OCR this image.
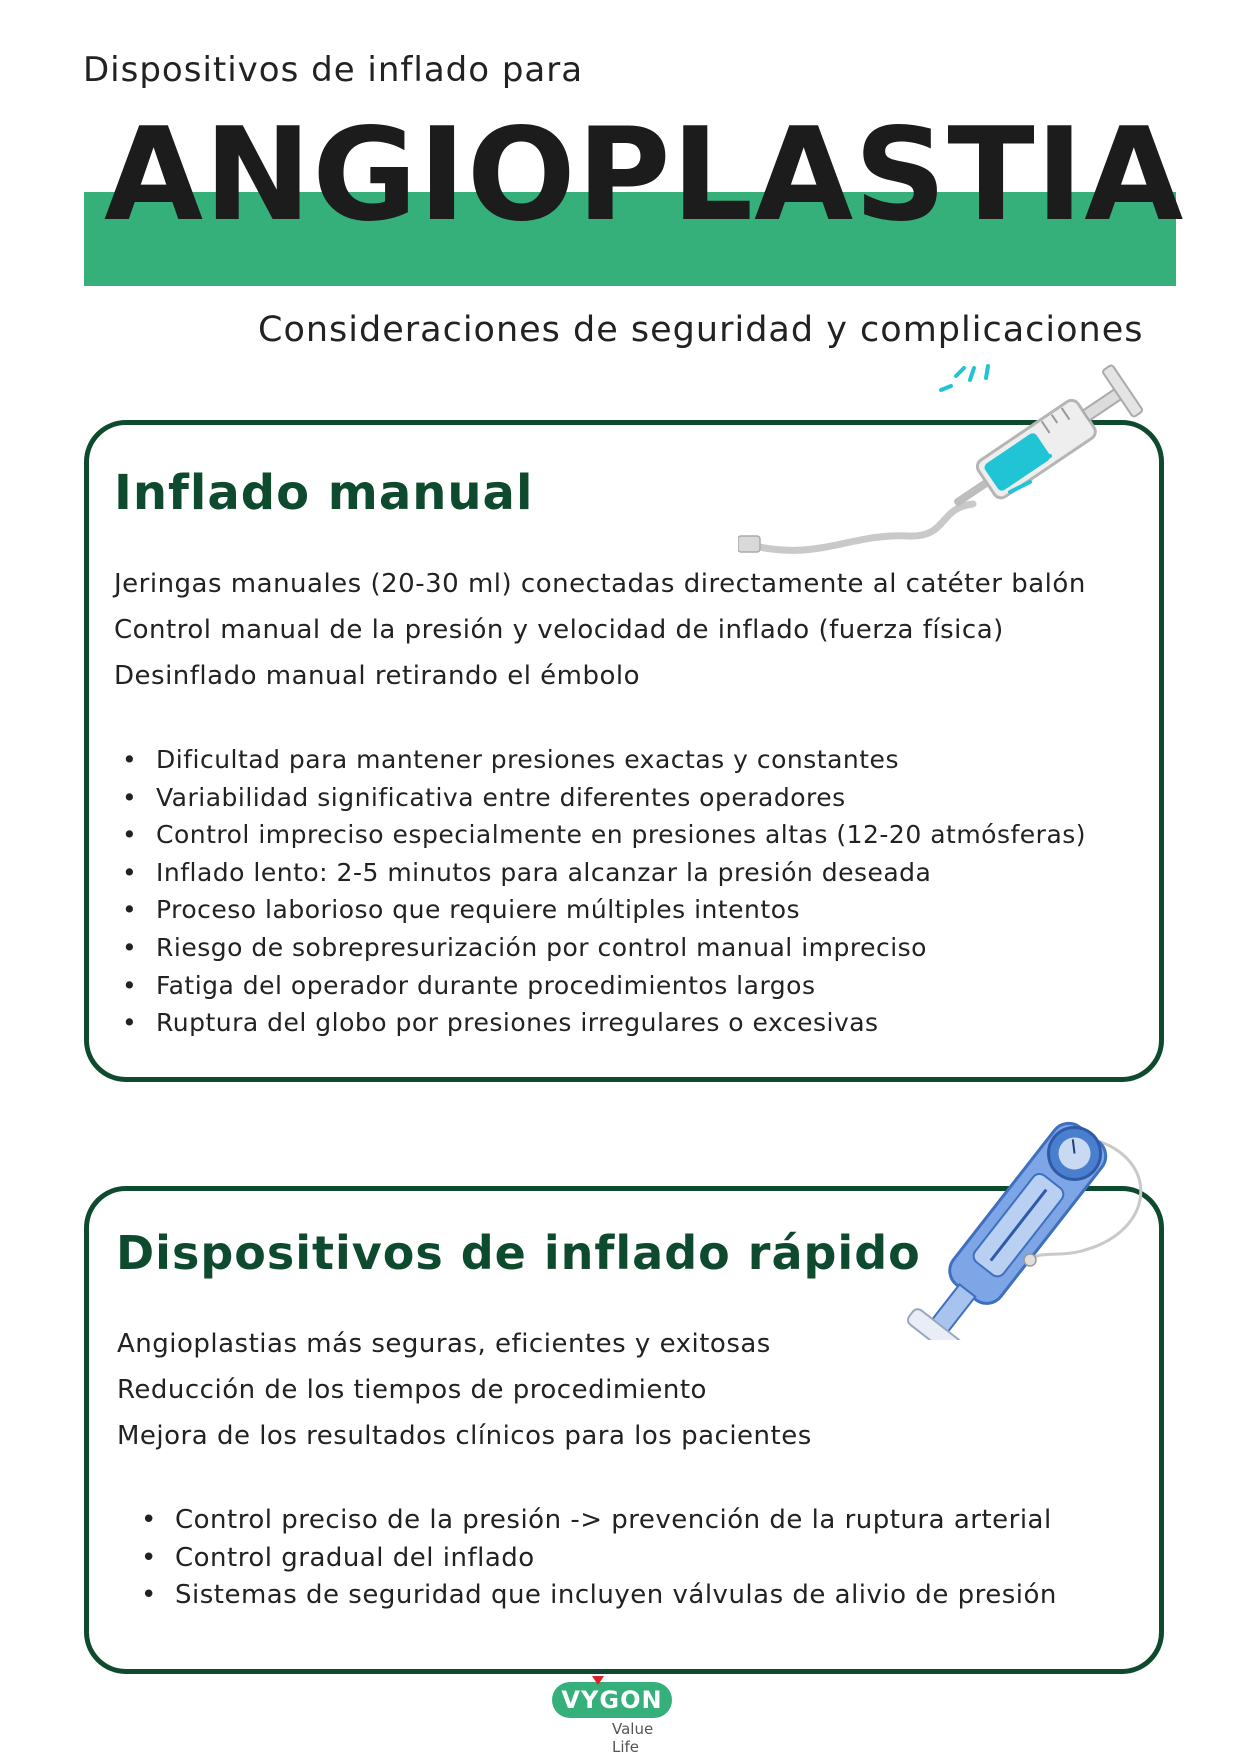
Dispositivos de inflado para
ANGIOPLASTIA
Consideraciones de seguridad y complicaciones
Inflado manual
Jeringas manuales (20-30 ml) conectadas directamente al catéter balón
Control manual de la presión y velocidad de inflado (fuerza física)
Desinflado manual retirando el émbolo
• Dificultad para mantener presiones exactas y constantes
• Variabilidad significativa entre diferentes operadores
• Control impreciso especialmente en presiones altas (12-20 atmósferas)
• Inflado lento: 2-5 minutos para alcanzar la presión deseada
• Proceso laborioso que requiere múltiples intentos
• Riesgo de sobrepresurización por control manual impreciso
• Fatiga del operador durante procedimientos largos
• Ruptura del globo por presiones irregulares o excesivas
Dispositivos de inflado rápido
Angioplastias más seguras, eficientes y exitosas
Reducción de los tiempos de procedimiento
Mejora de los resultados clínicos para los pacientes
• Control preciso de la presión -> prevención de la ruptura arterial
• Control gradual del inflado
• Sistemas de seguridad que incluyen válvulas de alivio de presión
VYGON
Value Life
